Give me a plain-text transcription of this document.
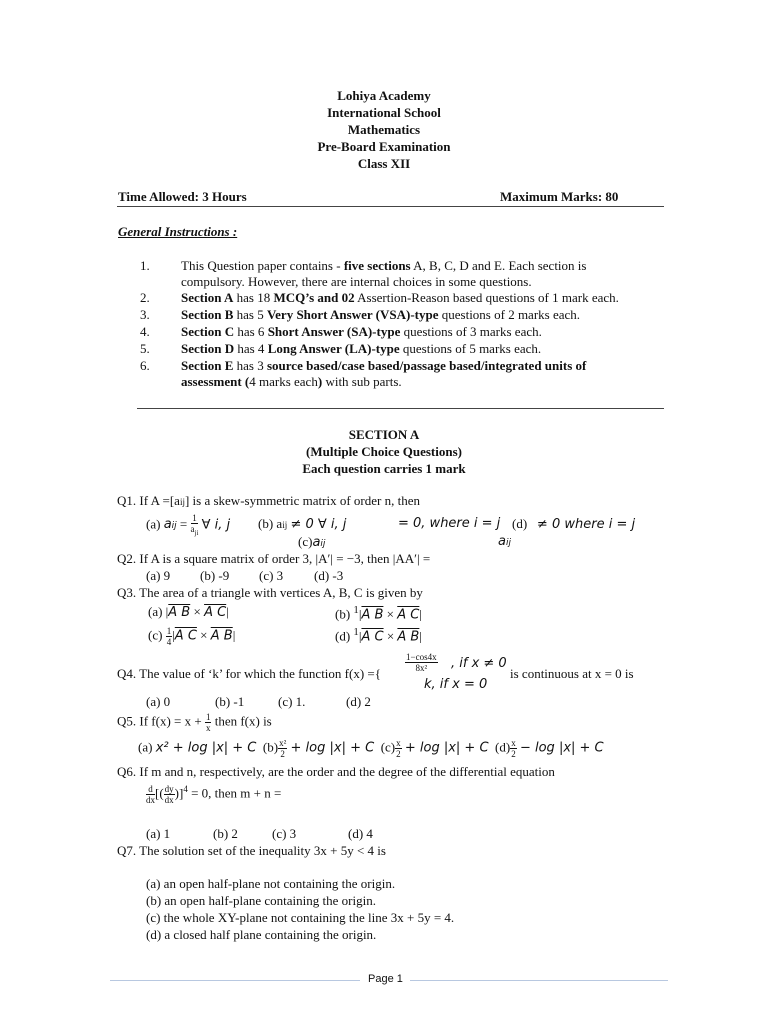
Lohiya Academy
International School
Mathematics
Pre-Board Examination
Class XII
Time Allowed: 3 Hours	Maximum Marks: 80
General Instructions :
1. This Question paper contains - five sections A, B, C, D and E. Each section is
compulsory. However, there are internal choices in some questions.
2. Section A has 18 MCQ’s and 02 Assertion-Reason based questions of 1 mark each.
3. Section B has 5 Very Short Answer (VSA)-type questions of 2 marks each.
4. Section C has 6 Short Answer (SA)-type questions of 3 marks each.
5. Section D has 4 Long Answer (LA)-type questions of 5 marks each.
6. Section E has 3 source based/case based/passage based/integrated units of
assessment (4 marks each) with sub parts.
SECTION A
(Multiple Choice Questions)
Each question carries 1 mark
Q1. If A =[aij] is a skew-symmetric matrix of order n, then
(a) aij = $\frac{1}{a_{ji}}$ ∀ i, j (b) aij ≠ 0 ∀ i, j
(c)aij
= 0, where i = j (d) ≠ 0 where i = j
aij
Q2. If A is a square matrix of order 3, |A′| = −3, then |AA′| =
(a) 9 (b) -9 (c) 3 (d) -3
Q3. The area of a triangle with vertices A, B, C is given by
(a) |A B × A C|	(b) $^1$|A B × A C|
$(c) \frac{1}{4} |A$ C × A B|	(d) $^1$|A C × A B|
Q4. The value of ‘k’ for which the function f(x) ={
$\frac{1-\cos 4x}{\text{8x²}}$ , if x ≠ 0
k, if x = 0
is continuous at x = 0 is
(a) 0	(b) -1	(c) 1.	(d) 2
Q5. If $f(x) = x + \frac{1}{x}$ then f(x) is
(a) x² + log |x| + C  $(b) \frac{\text{x²}}{2} + \log |x| + C$  $(c) \frac{x}{2} + \log |x| + C$  $(d) \frac{x}{2} - \log |x| + C$
Q6. If m and n, respectively, are the order and the degree of the differential equation
$\frac{d}{dx}$ [( $\frac{dy}{dx} )]^4 = 0$, then m + n =
(a) 1	(b) 2	(c) 3	(d) 4
Q7. The solution set of the inequality 3x + 5y < 4 is
(a) an open half-plane not containing the origin.
(b) an open half-plane containing the origin.
(c) the whole XY-plane not containing the line 3x + 5y = 4.
(d) a closed half plane containing the origin.
Page 1
